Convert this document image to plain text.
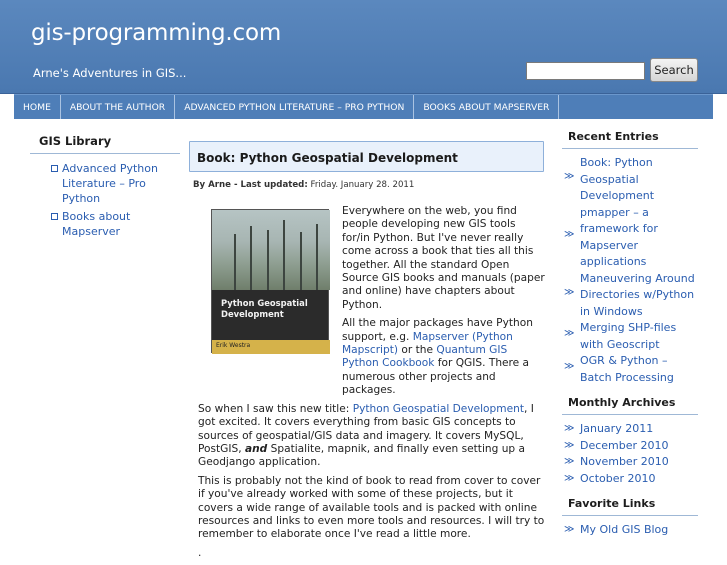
gis-programming.com
Arne's Adventures in GIS...	Search
HOME	ABOUT THE AUTHOR	ADVANCED PYTHON LITERATURE – PRO PYTHON	BOOKS ABOUT MAPSERVER
GIS Library
Advanced Python Literature – Pro Python
Books about Mapserver
Book: Python Geospatial Development
By Arne - Last updated: Friday. January 28. 2011
Python Geospatial
Development
Erik Westra

Everywhere on the web, you find people developing new GIS tools for/in Python. But I've never really come across a book that ties all this together. All the standard Open Source GIS books and manuals (paper and online) have chapters about Python.

All the major packages have Python support, e.g. Mapserver (Python Mapscript) or the Quantum GIS Python Cookbook for QGIS. There a numerous other projects and packages.

So when I saw this new title: Python Geospatial Development, I got excited. It covers everything from basic GIS concepts to sources of geospatial/GIS data and imagery. It covers MySQL, PostGIS, and Spatialite, mapnik, and finally even setting up a Geodjango application.

This is probably not the kind of book to read from cover to cover if you've already worked with some of these projects, but it covers a wide range of available tools and is packed with online resources and links to even more tools and resources. I will try to remember to elaborate once I've read a little more.

.

Recent Entries
≫
Book: Python Geospatial Development
≫
pmapper – a framework for Mapserver applications
≫
Maneuvering Around Directories w/Python in Windows
≫ Merging SHP-files with Geoscript
≫ OGR & Python – Batch Processing
Monthly Archives
≫ January 2011
≫ December 2010
≫ November 2010
≫ October 2010
Favorite Links
≫ My Old GIS Blog
